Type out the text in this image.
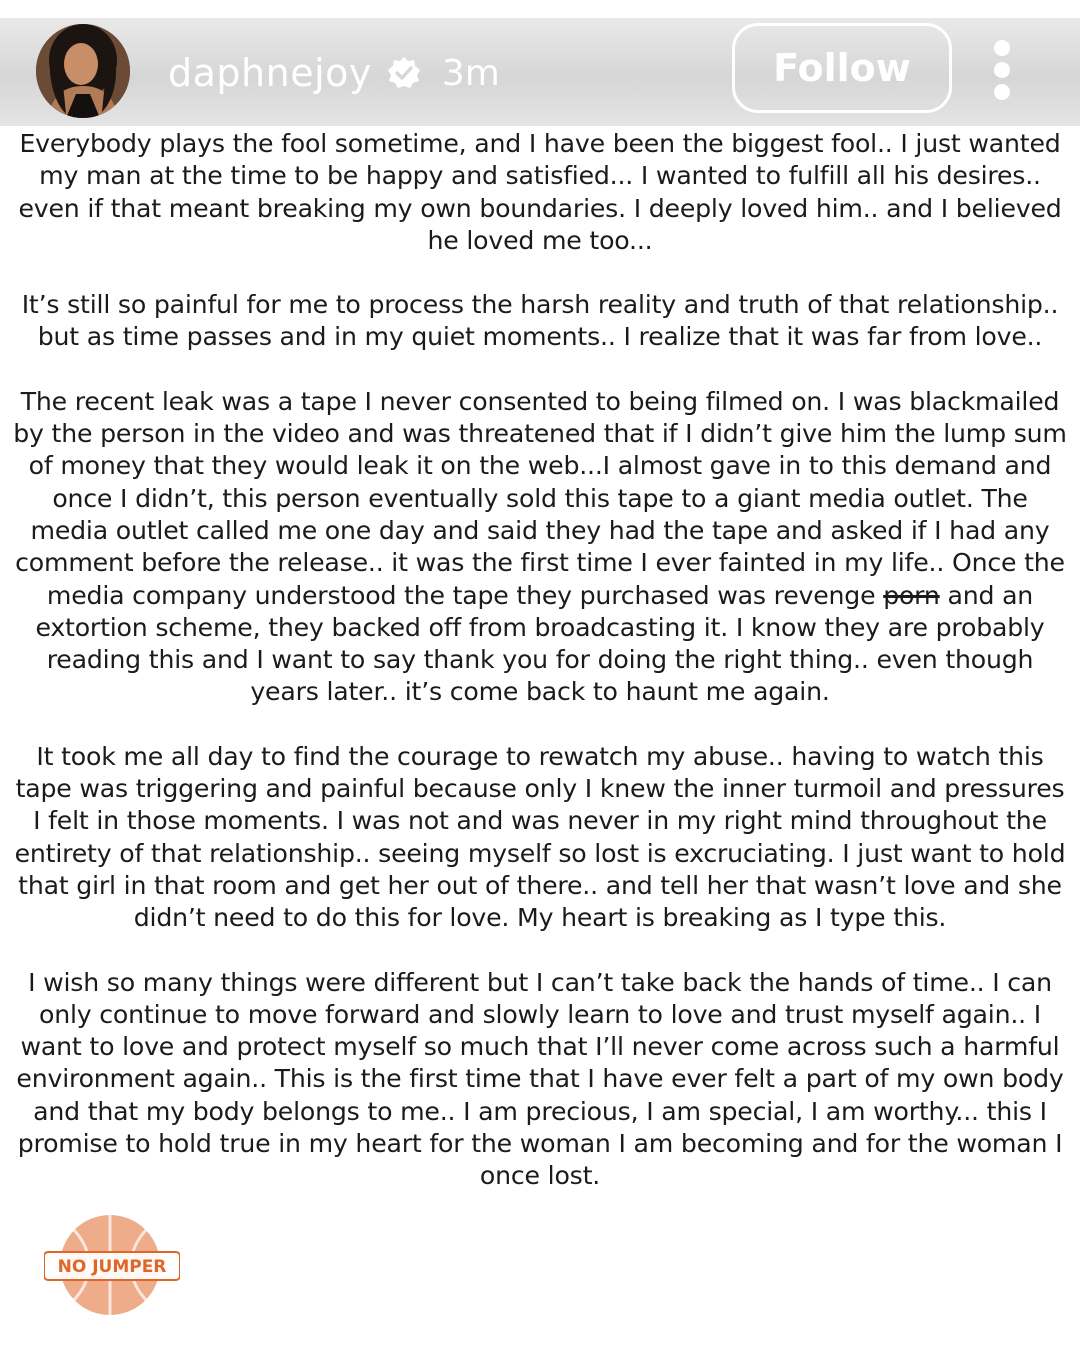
daphnejoy 3m	Follow

Everybody plays the fool sometime, and I have been the biggest fool.. I just wanted my man at the time to be happy and satisfied... I wanted to fulfill all his desires.. even if that meant breaking my own boundaries. I deeply loved him.. and I believed he loved me too...

It’s still so painful for me to process the harsh reality and truth of that relationship.. but as time passes and in my quiet moments.. I realize that it was far from love..

The recent leak was a tape I never consented to being filmed on. I was blackmailed by the person in the video and was threatened that if I didn’t give him the lump sum of money that they would leak it on the web...I almost gave in to this demand and once I didn’t, this person eventually sold this tape to a giant media outlet. The media outlet called me one day and said they had the tape and asked if I had any comment before the release.. it was the first time I ever fainted in my life.. Once the media company understood the tape they purchased was revenge porn and an extortion scheme, they backed off from broadcasting it. I know they are probably reading this and I want to say thank you for doing the right thing.. even though years later.. it’s come back to haunt me again.

It took me all day to find the courage to rewatch my abuse.. having to watch this tape was triggering and painful because only I knew the inner turmoil and pressures I felt in those moments. I was not and was never in my right mind throughout the entirety of that relationship.. seeing myself so lost is excruciating. I just want to hold that girl in that room and get her out of there.. and tell her that wasn’t love and she didn’t need to do this for love. My heart is breaking as I type this.

I wish so many things were different but I can’t take back the hands of time.. I can only continue to move forward and slowly learn to love and trust myself again.. I want to love and protect myself so much that I’ll never come across such a harmful environment again.. This is the first time that I have ever felt a part of my own body and that my body belongs to me.. I am precious, I am special, I am worthy... this I promise to hold true in my heart for the woman I am becoming and for the woman I once lost.

NO JUMPER
